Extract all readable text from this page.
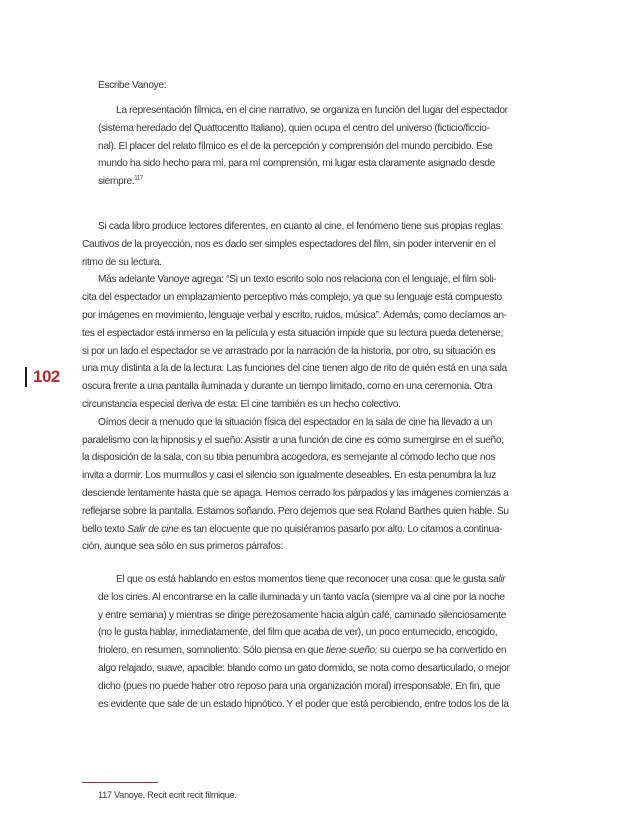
Escribe Vanoye:
La representación fílmica, en el cine narrativo, se organiza en función del lugar del espectador
(sistema heredado del Quattocentto Italiano), quien ocupa el centro del universo (ficticio/ficcio-
nal). El placer del relato fílmico es el de la percepción y comprensión del mundo percibido. Ese
mundo ha sido hecho para mí, para mí comprensión, mi lugar esta claramente asignado desde
siempre.$^{117}$
Si cada libro produce lectores diferentes, en cuanto al cine, el fenómeno tiene sus propias reglas:
Cautivos de la proyección, nos es dado ser simples espectadores del film, sin poder intervenir en el
ritmo de su lectura.
Más adelante Vanoye agrega: “Si un texto escrito solo nos relaciona con el lenguaje, el film soli-
cita del espectador un emplazamiento perceptivo más complejo, ya que su lenguaje está compuesto
por imágenes en movimiento, lenguaje verbal y escrito, ruidos, música”. Además, como decíamos an-
tes el espectador está inmerso en la película y esta situación impide que su lectura pueda detenerse;
si por un lado el espectador se ve arrastrado por la narración de la historia, por otro, su situación es
una muy distinta a la de la lectura. Las funciones del cine tienen algo de rito de quién está en una sala
oscura frente a una pantalla iluminada y durante un tiempo limitado, como en una ceremonia. Otra
circunstancia especial deriva de esta: El cine también es un hecho colectivo.
Oímos decir a menudo que la situación física del espectador en la sala de cine ha llevado a un
paralelismo con la hipnosis y el sueño: Asistir a una función de cine es como sumergirse en el sueño;
la disposición de la sala, con su tibia penumbra acogedora, es semejante al cómodo lecho que nos
invita a dormir. Los murmullos y casi el silencio son igualmente deseables. En esta penumbra la luz
desciende lentamente hasta que se apaga. Hemos cerrado los párpados y las imágenes comienzas a
reflejarse sobre la pantalla. Estamos soñando. Pero dejemos que sea Roland Barthes quien hable. Su
bello texto Salir de cine es tan elocuente que no quisiéramos pasarlo por alto. Lo citamos a continua-
ción, aunque sea sólo en sus primeros párrafos:
El que os está hablando en estos momentos tiene que reconocer una cosa: que le gusta salir
de los cines. Al encontrarse en la calle iluminada y un tanto vacía (siempre va al cine por la noche
y entre semana) y mientras se dirige perezosamente hacia algún café, caminado silenciosamente
(no le gusta hablar, inmediatamente, del film que acaba de ver), un poco entumecido, encogido,
friolero, en resumen, somnoliento: Sólo piensa en que tiene sueño; su cuerpo se ha convertido en
algo relajado, suave, apacible: blando como un gato dormido, se nota como desarticulado, o mejor
dicho (pues no puede haber otro reposo para una organización moral) irresponsable. En fin, que
es evidente que sale de un estado hipnótico. Y el poder que está percibiendo, entre todos los de la
102
117 Vanoye, Recit ecrit recit filmique.
